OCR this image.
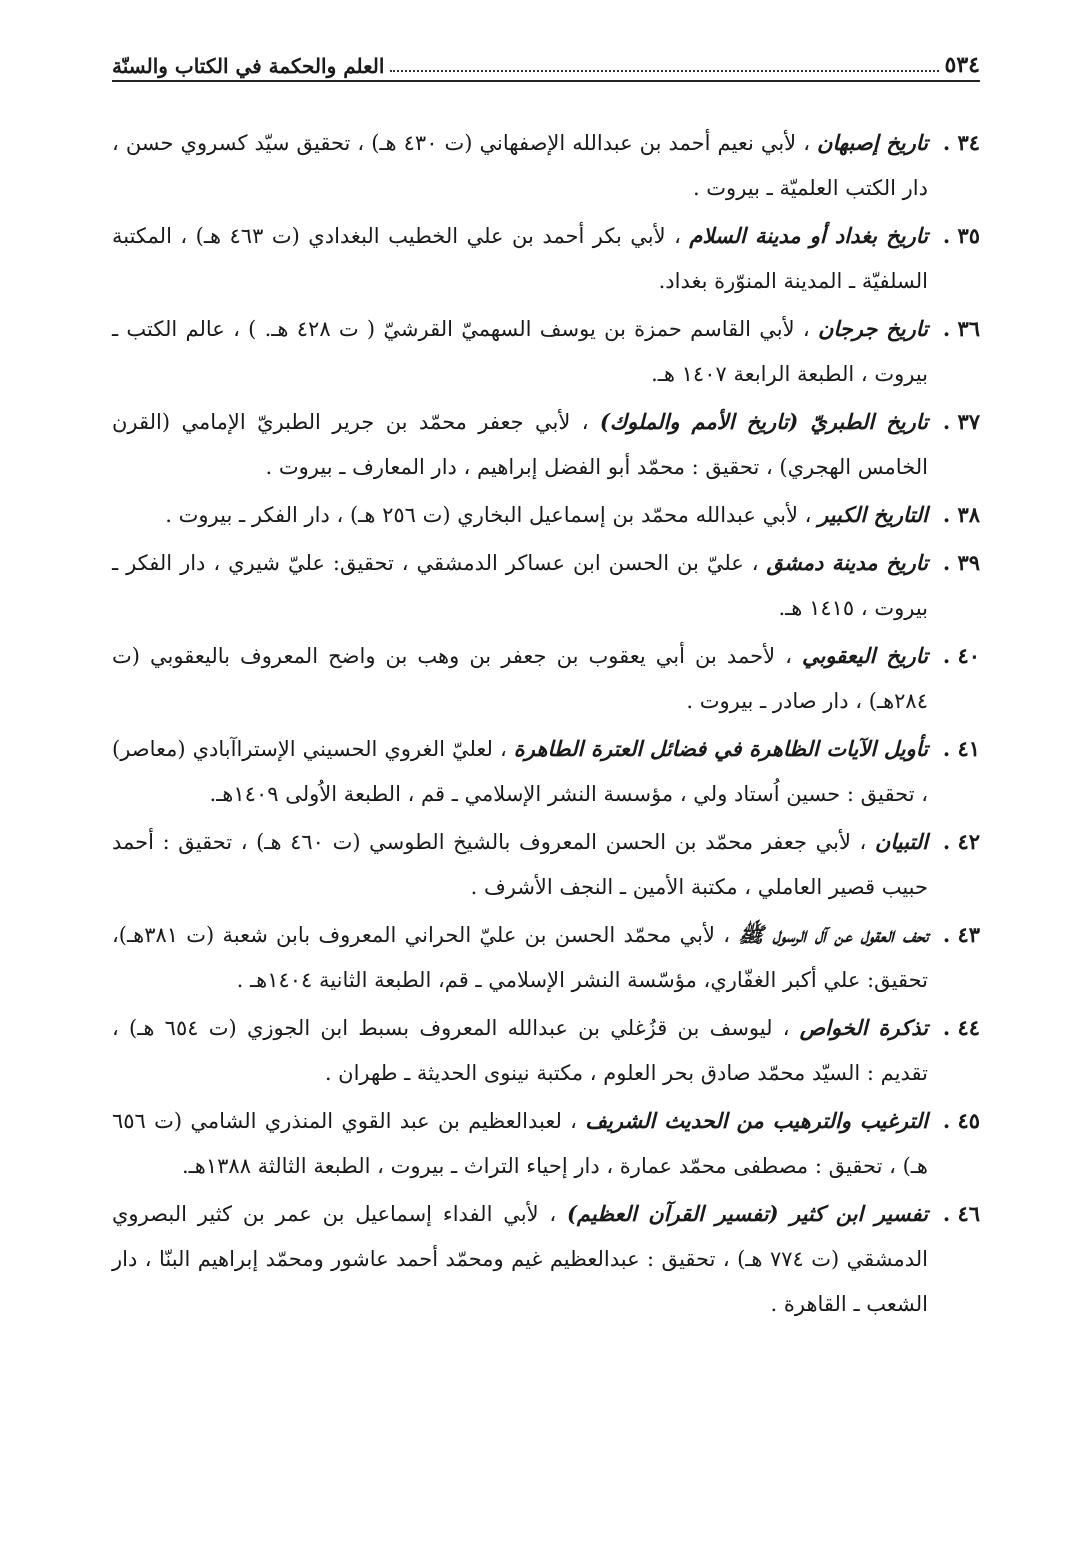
٥٣٤
العلم والحكمة في الكتاب والسنّة
٣٤ .
تاريخ إصبهان ، لأبي نعيم أحمد بن عبدالله الإصفهاني (ت ٤٣٠ هـ) ، تحقيق سيّد كسروي حسن ، دار الكتب العلميّة ـ بيروت .
٣٥ .
تاريخ بغداد أو مدينة السلام ، لأبي بكر أحمد بن علي الخطيب البغدادي (ت ٤٦٣ هـ) ، المكتبة السلفيّة ـ المدينة المنوّرة بغداد.
٣٦ .
تاريخ جرجان ، لأبي القاسم حمزة بن يوسف السهميّ القرشيّ ( ت ٤٢٨ هـ. ) ، عالم الكتب ـ بيروت ، الطبعة الرابعة ١٤٠٧ هـ.
٣٧ .
تاريخ الطبريّ (تاريخ الأمم والملوك) ، لأبي جعفر محمّد بن جرير الطبريّ الإمامي (القرن الخامس الهجري) ، تحقيق : محمّد أبو الفضل إبراهيم ، دار المعارف ـ بيروت .
٣٨ .
التاريخ الكبير ، لأبي عبدالله محمّد بن إسماعيل البخاري (ت ٢٥٦ هـ) ، دار الفكر ـ بيروت .
٣٩ .
تاريخ مدينة دمشق ، عليّ بن الحسن ابن عساكر الدمشقي ، تحقيق: عليّ شيري ، دار الفكر ـ بيروت ، ١٤١٥ هـ.
٤٠ .
تاريخ اليعقوبي ، لأحمد بن أبي يعقوب بن جعفر بن وهب بن واضح المعروف باليعقوبي (ت ٢٨٤هـ) ، دار صادر ـ بيروت .
٤١ .
تأويل الآيات الظاهرة في فضائل العترة الطاهرة ، لعليّ الغروي الحسيني الإستراآبادي (معاصر) ، تحقيق : حسين اُستاد ولي ، مؤسسة النشر الإسلامي ـ قم ، الطبعة الاُولى ١٤٠٩هـ.
٤٢ .
التبيان ، لأبي جعفر محمّد بن الحسن المعروف بالشيخ الطوسي (ت ٤٦٠ هـ) ، تحقيق : أحمد حبيب قصير العاملي ، مكتبة الأمين ـ النجف الأشرف .
٤٣ .
تحف العقول عن آل الرسول ﷺ ، لأبي محمّد الحسن بن عليّ الحراني المعروف بابن شعبة (ت ٣٨١هـ)، تحقيق: علي أكبر الغفّاري، مؤسّسة النشر الإسلامي ـ قم، الطبعة الثانية ١٤٠٤هـ .
٤٤ .
تذكرة الخواص ، ليوسف بن قزُغلي بن عبدالله المعروف بسبط ابن الجوزي (ت ٦٥٤ هـ) ، تقديم : السيّد محمّد صادق بحر العلوم ، مكتبة نينوى الحديثة ـ طهران .
٤٥ .
الترغيب والترهيب من الحديث الشريف ، لعبدالعظيم بن عبد القوي المنذري الشامي (ت ٦٥٦ هـ) ، تحقيق : مصطفى محمّد عمارة ، دار إحياء التراث ـ بيروت ، الطبعة الثالثة ١٣٨٨هـ.
٤٦ .
تفسير ابن كثير (تفسير القرآن العظيم) ، لأبي الفداء إسماعيل بن عمر بن كثير البصروي الدمشقي (ت ٧٧٤ هـ) ، تحقيق : عبدالعظيم غيم ومحمّد أحمد عاشور ومحمّد إبراهيم البنّا ، دار الشعب ـ القاهرة .
